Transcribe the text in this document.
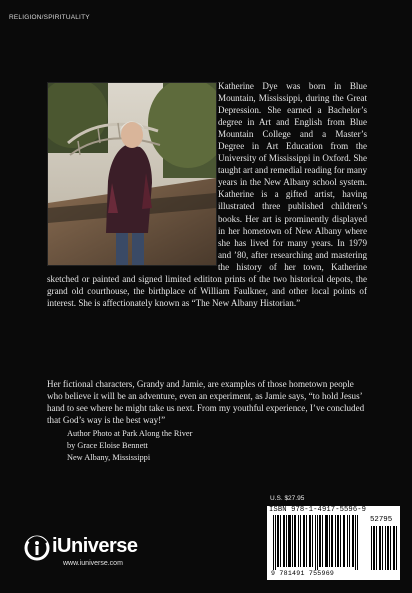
RELIGION/SPIRITUALITY

Katherine Dye was born in Blue Mountain, Mississippi, during the Great Depression. She earned a Bachelor’s degree in Art and English from Blue Mountain College and a Master’s Degree in Art Education from the University of Mississippi in Oxford. She taught art and remedial reading for many years in the New Albany school system. Katherine is a gifted artist, having illustrated three published children’s books. Her art is prominently displayed in her hometown of New Albany where she has lived for many years. In 1979 and ’80, after researching and mastering the history of her town, Katherine sketched or painted and signed limited edititon prints of the two historical depots, the grand old courthouse, the birthplace of William Faulkner, and other local points of interest. She is affectionately known as “The New Albany Historian.”

Her fictional characters, Grandy and Jamie, are examples of those hometown people who believe it will be an adventure, even an experiment, as Jamie says, “to hold Jesus’ hand to see where he might take us next. From my youthful experience, I’ve concluded that God’s way is the best way!”

Author Photo at Park Along the River
by Grace Eloise Bennett
New Albany, Mississippi
U.S. $27.95
ISBN 978-1-4917-5596-9
52795
9 781491 755969
iUniverse
www.iuniverse.com
